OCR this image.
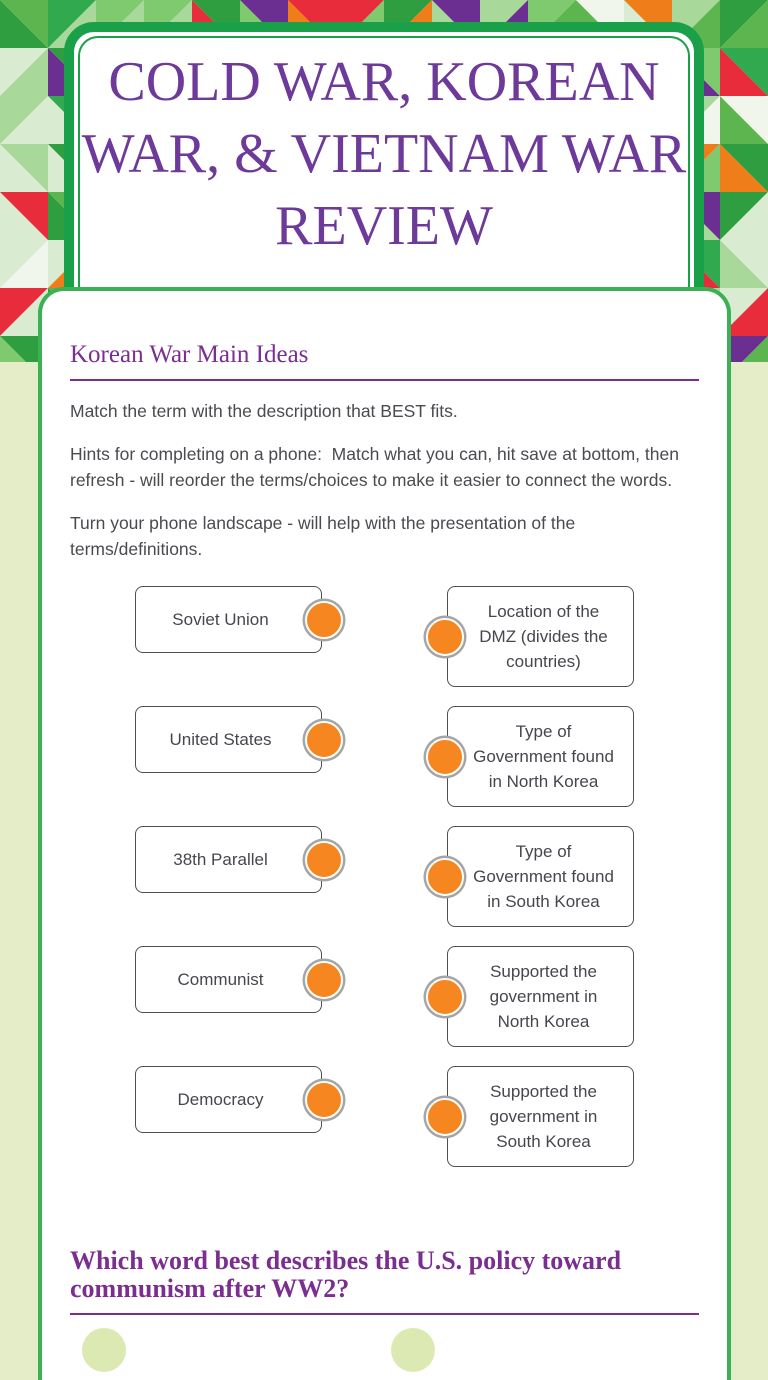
COLD WAR, KOREAN WAR, & VIETNAM WAR REVIEW
Korean War Main Ideas

Match the term with the description that BEST fits.

Hints for completing on a phone:  Match what you can, hit save at bottom, then refresh - will reorder the terms/choices to make it easier to connect the words.

Turn your phone landscape - will help with the presentation of the terms/definitions.

Soviet Union	Location of the DMZ (divides the countries)
United States	Type of Government found in North Korea
38th Parallel	Type of Government found in South Korea
Communist	Supported the government in North Korea
Democracy	Supported the government in South Korea
Which word best describes the U.S. policy toward communism after WW2?
